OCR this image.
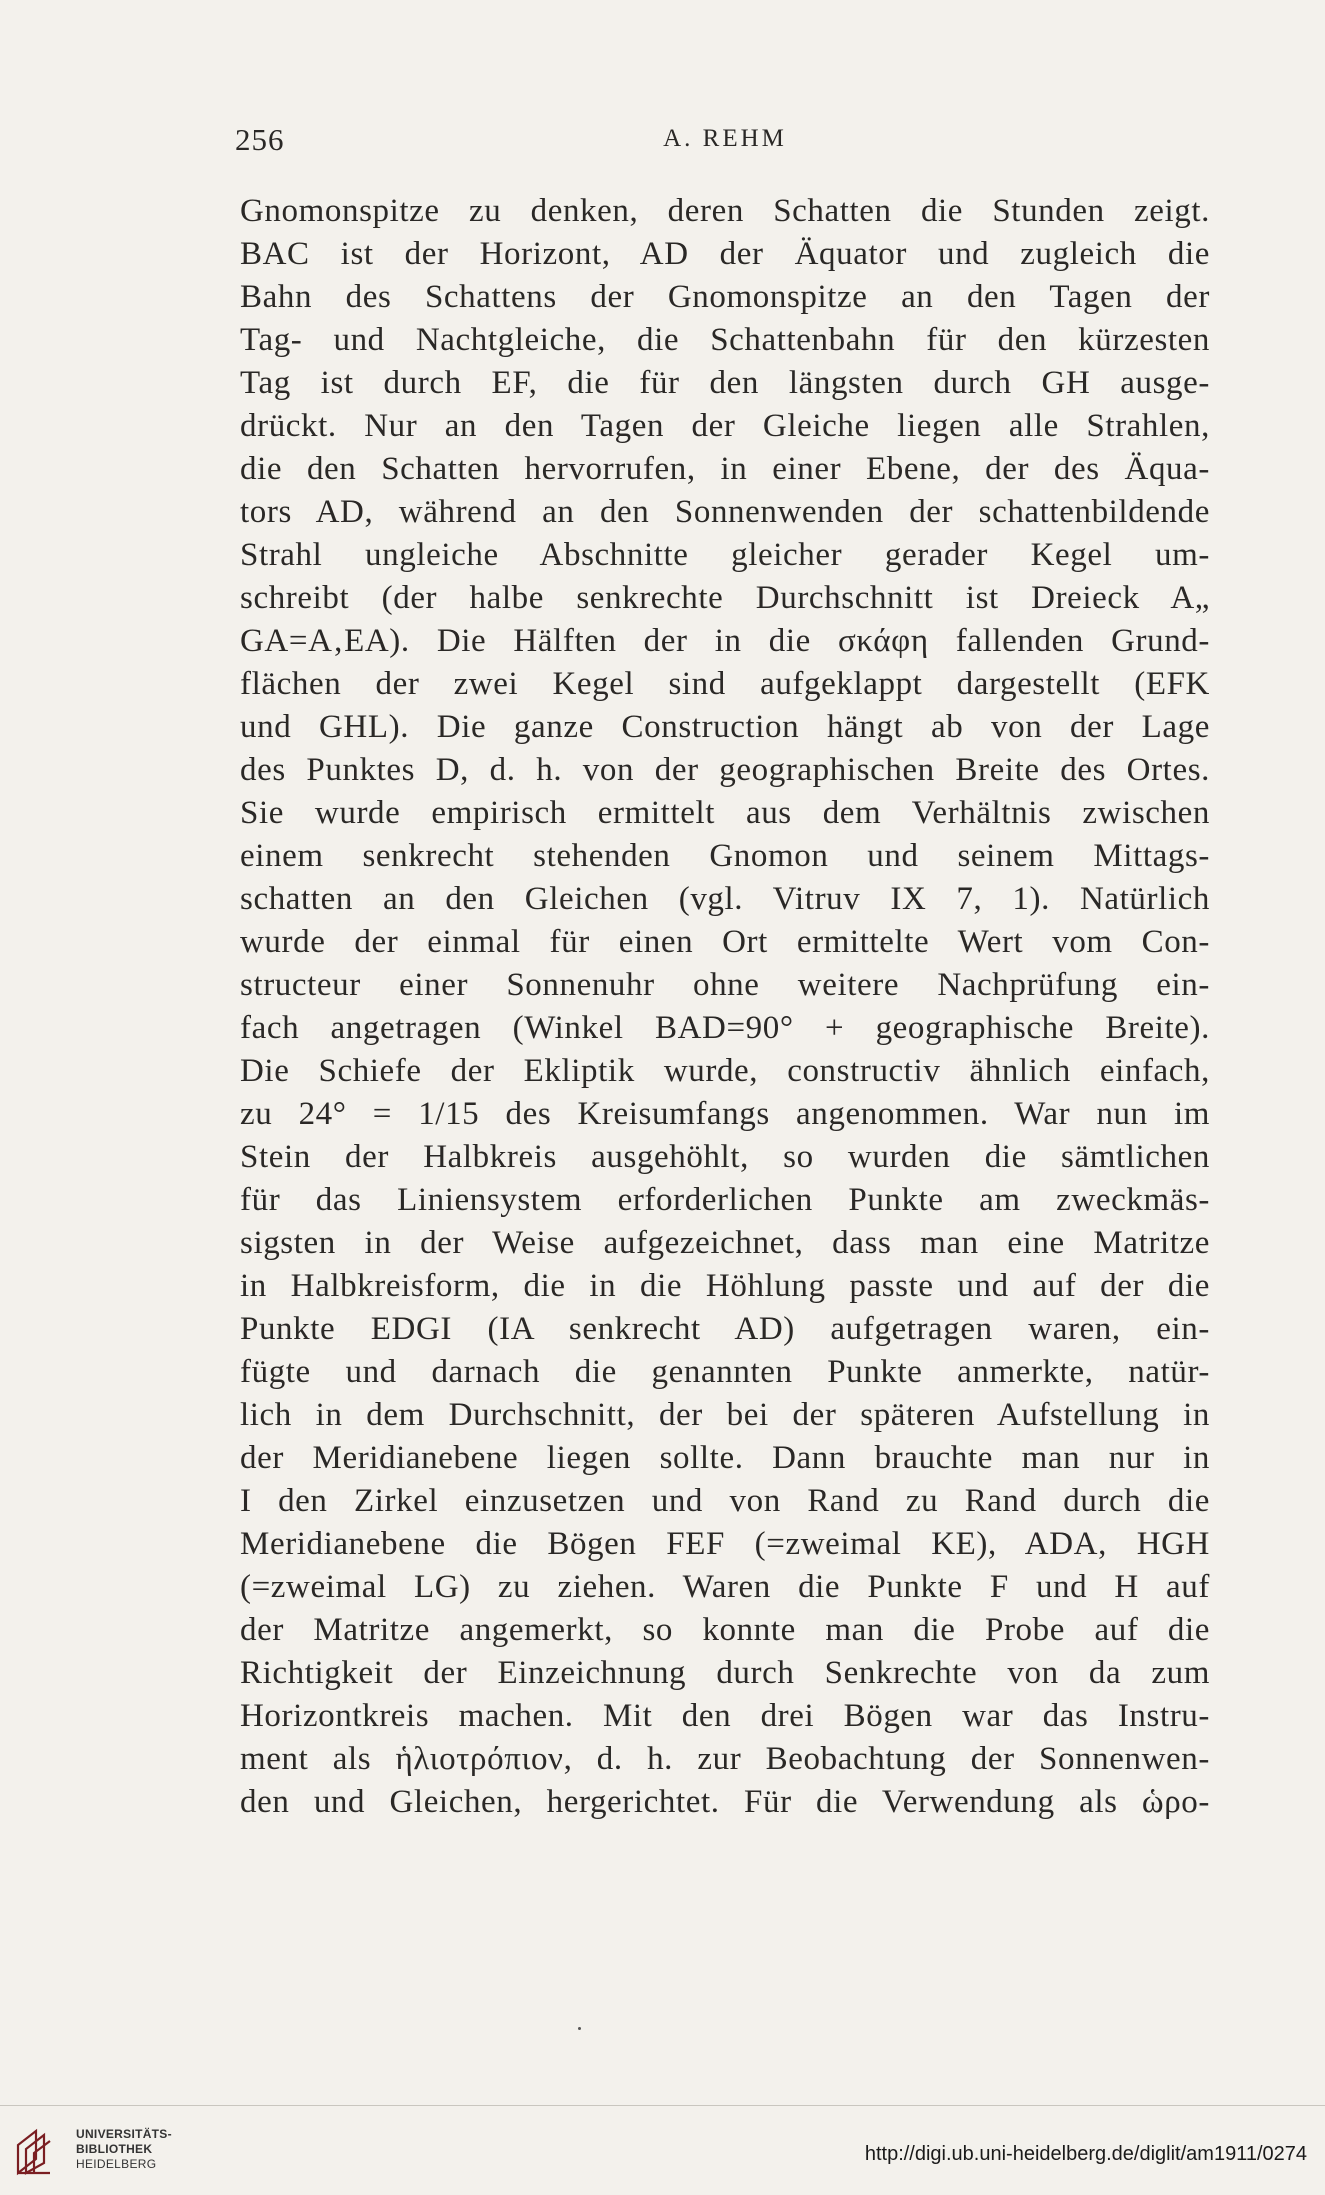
256	A. REHM
Gnomonspitze zu denken, deren Schatten die Stunden zeigt.
BAC ist der Horizont, AD der Äquator und zugleich die
Bahn des Schattens der Gnomonspitze an den Tagen der
Tag- und Nachtgleiche, die Schattenbahn für den kürzesten
Tag ist durch EF, die für den längsten durch GH ausge-
drückt. Nur an den Tagen der Gleiche liegen alle Strahlen,
die den Schatten hervorrufen, in einer Ebene, der des Äqua-
tors AD, während an den Sonnenwenden der schattenbildende
Strahl ungleiche Abschnitte gleicher gerader Kegel um-
schreibt (der halbe senkrechte Durchschnitt ist Dreieck A„
GA=A‚EA). Die Hälften der in die σκάφη fallenden Grund-
flächen der zwei Kegel sind aufgeklappt dargestellt (EFK
und GHL). Die ganze Construction hängt ab von der Lage
des Punktes D, d. h. von der geographischen Breite des Ortes.
Sie wurde empirisch ermittelt aus dem Verhältnis zwischen
einem senkrecht stehenden Gnomon und seinem Mittags-
schatten an den Gleichen (vgl. Vitruv IX 7, 1). Natürlich
wurde der einmal für einen Ort ermittelte Wert vom Con-
structeur einer Sonnenuhr ohne weitere Nachprüfung ein-
fach angetragen (Winkel BAD=90° + geographische Breite).
Die Schiefe der Ekliptik wurde, constructiv ähnlich einfach,
zu 24° = 1/15 des Kreisumfangs angenommen. War nun im
Stein der Halbkreis ausgehöhlt, so wurden die sämtlichen
für das Liniensystem erforderlichen Punkte am zweckmäs-
sigsten in der Weise aufgezeichnet, dass man eine Matritze
in Halbkreisform, die in die Höhlung passte und auf der die
Punkte EDGI (IA senkrecht AD) aufgetragen waren, ein-
fügte und darnach die genannten Punkte anmerkte, natür-
lich in dem Durchschnitt, der bei der späteren Aufstellung in
der Meridianebene liegen sollte. Dann brauchte man nur in
I den Zirkel einzusetzen und von Rand zu Rand durch die
Meridianebene die Bögen FEF (=zweimal KE), ADA, HGH
(=zweimal LG) zu ziehen. Waren die Punkte F und H auf
der Matritze angemerkt, so konnte man die Probe auf die
Richtigkeit der Einzeichnung durch Senkrechte von da zum
Horizontkreis machen. Mit den drei Bögen war das Instru-
ment als ἡλιοτρόπιον, d. h. zur Beobachtung der Sonnenwen-
den und Gleichen, hergerichtet. Für die Verwendung als ὡρο-
UNIVERSITÄTS-
BIBLIOTHEK
HEIDELBERG	http://digi.ub.uni-heidelberg.de/diglit/am1911/0274
